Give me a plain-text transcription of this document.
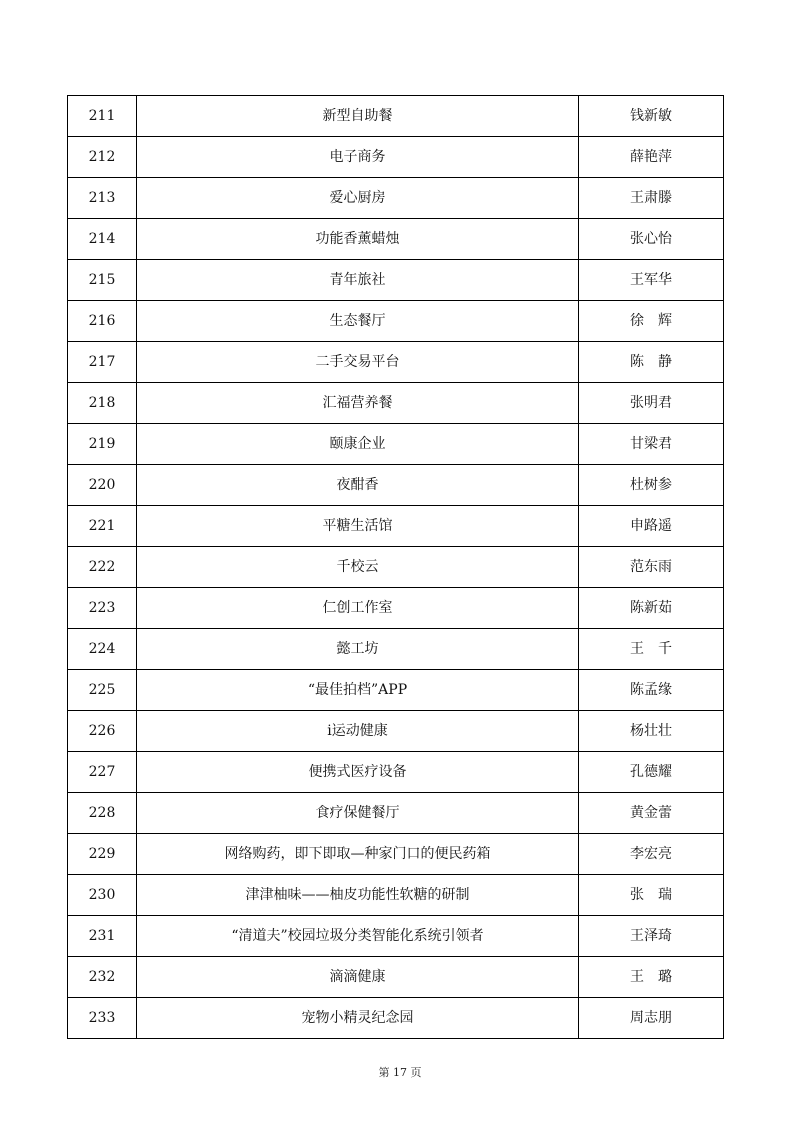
211	新型自助餐	钱新敏
212	电子商务	薛艳萍
213	爱心厨房	王肃滕
214	功能香薰蜡烛	张心怡
215	青年旅社	王军华
216	生态餐厅	徐　辉
217	二手交易平台	陈　静
218	汇福营养餐	张明君
219	颐康企业	甘梁君
220	夜酣香	杜树参
221	平糖生活馆	申路遥
222	千校云	范东雨
223	仁创工作室	陈新茹
224	懿工坊	王　千
225	“最佳拍档”APP	陈孟缘
226	i运动健康	杨壮壮
227	便携式医疗设备	孔德耀
228	食疗保健餐厅	黄金蕾
229	网络购药，即下即取—种家门口的便民药箱	李宏亮
230	津津柚味——柚皮功能性软糖的研制	张　瑞
231	“清道夫”校园垃圾分类智能化系统引领者	王泽琦
232	滴滴健康	王　璐
233	宠物小精灵纪念园	周志朋
第 17 页
